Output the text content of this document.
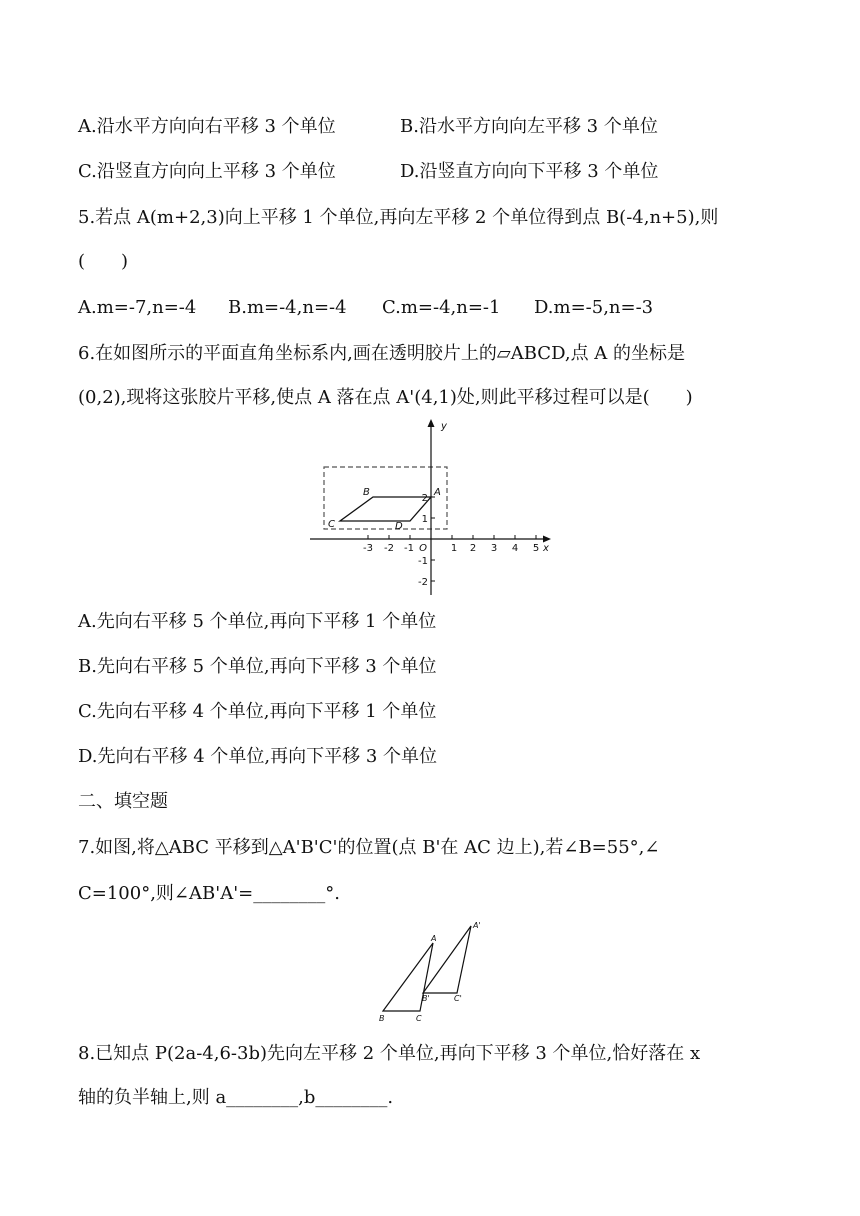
A.沿水平方向向右平移 3 个单位	B.沿水平方向向左平移 3 个单位
C.沿竖直方向向上平移 3 个单位	D.沿竖直方向向下平移 3 个单位
5.若点 A(m+2,3)向上平移 1 个单位,再向左平移 2 个单位得到点 B(-4,n+5),则
(　　)
A.m=-7,n=-4 B.m=-4,n=-4 C.m=-4,n=-1 D.m=-5,n=-3
6.在如图所示的平面直角坐标系内,画在透明胶片上的▱ABCD,点 A 的坐标是
(0,2),现将这张胶片平移,使点 A 落在点 A'(4,1)处,则此平移过程可以是(　　)
-3 -2 -1 O 1 2 3 4 5 x
2
1
-1
-2
y
A
B
C	D
A.先向右平移 5 个单位,再向下平移 1 个单位
B.先向右平移 5 个单位,再向下平移 3 个单位
C.先向右平移 4 个单位,再向下平移 1 个单位
D.先向右平移 4 个单位,再向下平移 3 个单位
二、填空题
7.如图,将△ABC 平移到△A'B'C'的位置(点 B'在 AC 边上),若∠B=55°,∠
C=100°,则∠AB'A'=________°.
A
B	C
A'
B'	C'
8.已知点 P(2a-4,6-3b)先向左平移 2 个单位,再向下平移 3 个单位,恰好落在 x
轴的负半轴上,则 a________,b________.
